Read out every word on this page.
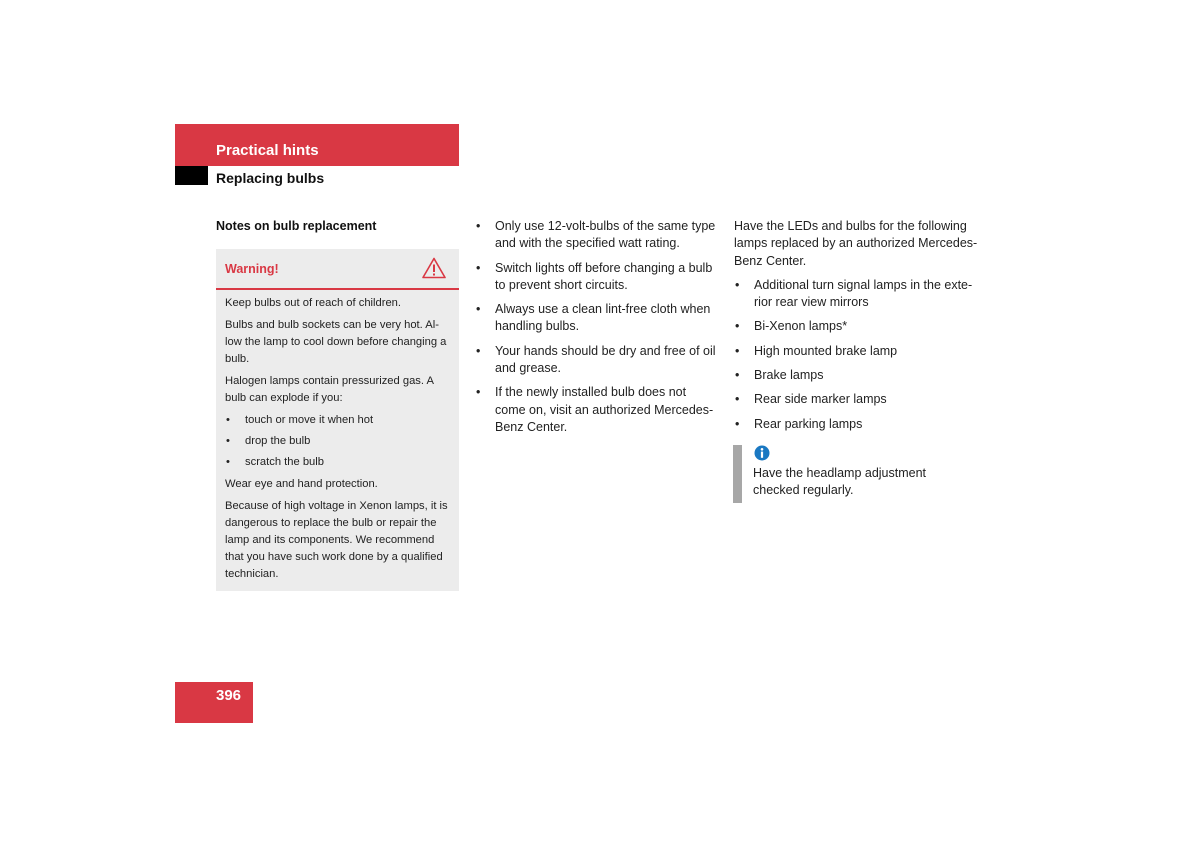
Practical hints
Replacing bulbs
Notes on bulb replacement
Warning!

Keep bulbs out of reach of children.

Bulbs and bulb sockets can be very hot. Al-low the lamp to cool down before changing a bulb.

Halogen lamps contain pressurized gas. A bulb can explode if you:

• touch or move it when hot
• drop the bulb
• scratch the bulb

Wear eye and hand protection.

Because of high voltage in Xenon lamps, it is dangerous to replace the bulb or repair the lamp and its components. We recommend that you have such work done by a qualified technician.

• Only use 12-volt-bulbs of the same type and with the specified watt rating.
• Switch lights off before changing a bulb to prevent short circuits.
• Always use a clean lint-free cloth when handling bulbs.
• Your hands should be dry and free of oil and grease.
• If the newly installed bulb does not come on, visit an authorized Mercedes-Benz Center.

Have the LEDs and bulbs for the following lamps replaced by an authorized Mercedes-Benz Center.

• Additional turn signal lamps in the exte-rior rear view mirrors
• Bi-Xenon lamps*
• High mounted brake lamp
• Brake lamps
• Rear side marker lamps
• Rear parking lamps
Have the headlamp adjustment checked regularly.
396
